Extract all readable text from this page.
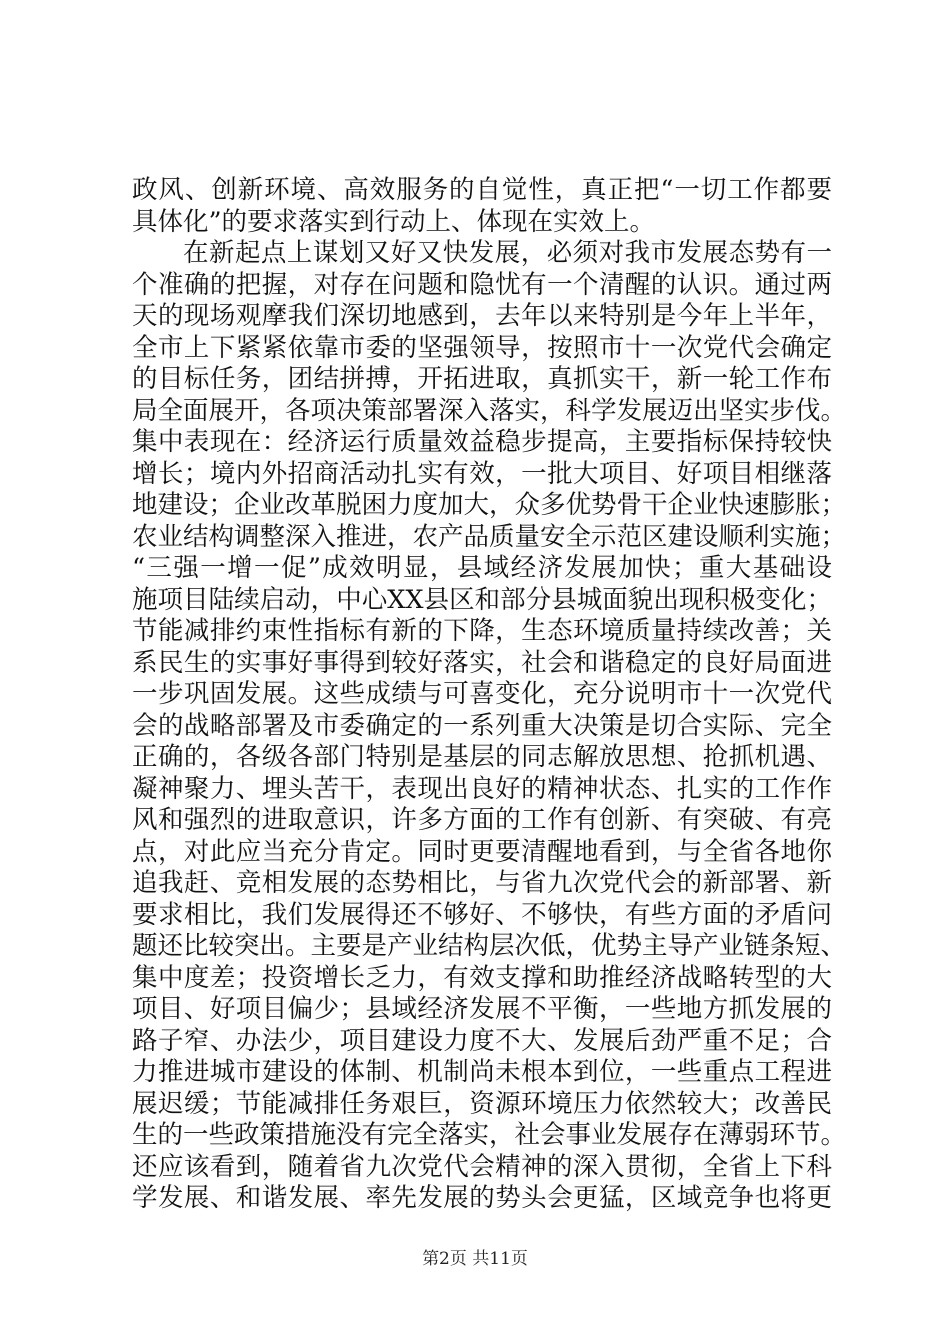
政风、创新环境、高效服务的自觉性，真正把“一切工作都要
具体化”的要求落实到行动上、体现在实效上。
在新起点上谋划又好又快发展，必须对我市发展态势有一
个准确的把握，对存在问题和隐忧有一个清醒的认识。通过两
天的现场观摩我们深切地感到，去年以来特别是今年上半年，
全市上下紧紧依靠市委的坚强领导，按照市十一次党代会确定
的目标任务，团结拼搏，开拓进取，真抓实干，新一轮工作布
局全面展开，各项决策部署深入落实，科学发展迈出坚实步伐。
集中表现在：经济运行质量效益稳步提高，主要指标保持较快
增长；境内外招商活动扎实有效，一批大项目、好项目相继落
地建设；企业改革脱困力度加大，众多优势骨干企业快速膨胀；
农业结构调整深入推进，农产品质量安全示范区建设顺利实施；
“三强一增一促”成效明显，县域经济发展加快；重大基础设
施项目陆续启动，中心XX县区和部分县城面貌出现积极变化；
节能减排约束性指标有新的下降，生态环境质量持续改善；关
系民生的实事好事得到较好落实，社会和谐稳定的良好局面进
一步巩固发展。这些成绩与可喜变化，充分说明市十一次党代
会的战略部署及市委确定的一系列重大决策是切合实际、完全
正确的，各级各部门特别是基层的同志解放思想、抢抓机遇、
凝神聚力、埋头苦干，表现出良好的精神状态、扎实的工作作
风和强烈的进取意识，许多方面的工作有创新、有突破、有亮
点，对此应当充分肯定。同时更要清醒地看到，与全省各地你
追我赶、竞相发展的态势相比，与省九次党代会的新部署、新
要求相比，我们发展得还不够好、不够快，有些方面的矛盾问
题还比较突出。主要是产业结构层次低，优势主导产业链条短、
集中度差；投资增长乏力，有效支撑和助推经济战略转型的大
项目、好项目偏少；县域经济发展不平衡，一些地方抓发展的
路子窄、办法少，项目建设力度不大、发展后劲严重不足；合
力推进城市建设的体制、机制尚未根本到位，一些重点工程进
展迟缓；节能减排任务艰巨，资源环境压力依然较大；改善民
生的一些政策措施没有完全落实，社会事业发展存在薄弱环节。
还应该看到，随着省九次党代会精神的深入贯彻，全省上下科
学发展、和谐发展、率先发展的势头会更猛，区域竞争也将更
第2页 共11页
